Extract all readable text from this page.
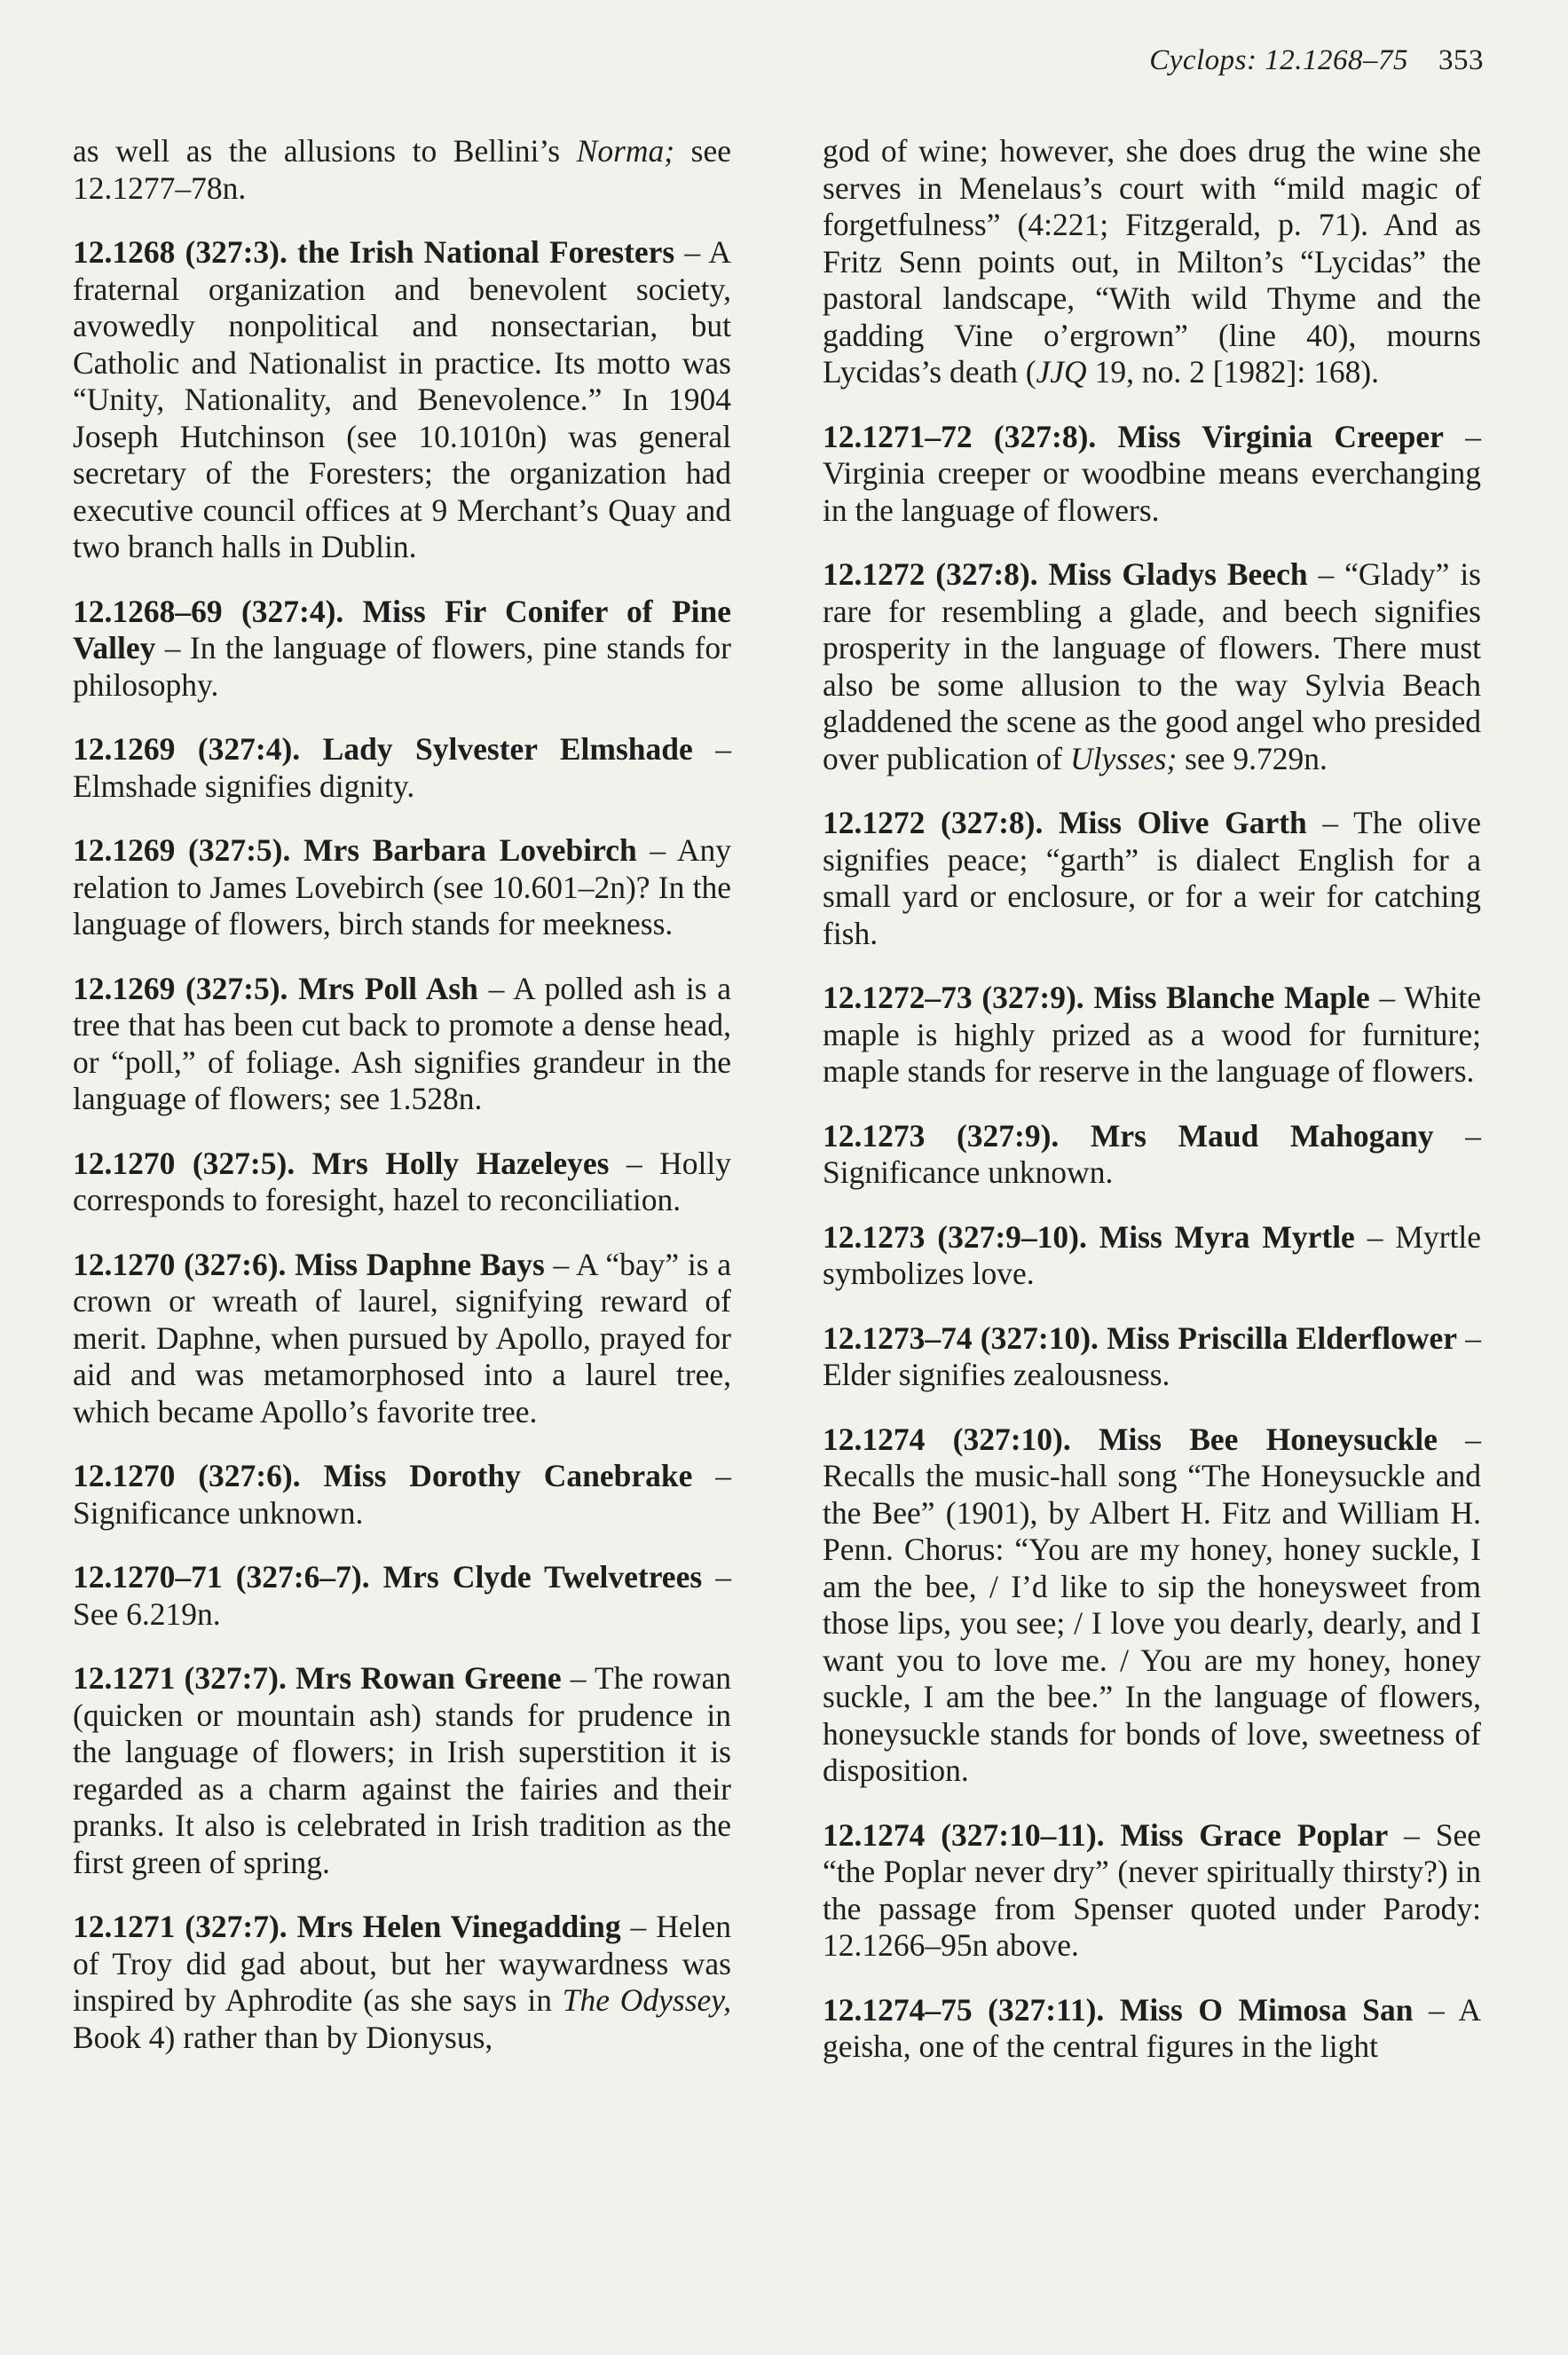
Cyclops: 12.1268–75 353

as well as the allusions to Bellini’s Norma; see 12.1277–78n.

12.1268 (327:3). the Irish National Foresters – A fraternal organization and benevolent society, avowedly nonpolitical and nonsectarian, but Catholic and Nationalist in practice. Its motto was “Unity, Nationality, and Benevolence.” In 1904 Joseph Hutchinson (see 10.1010n) was general secretary of the Foresters; the organization had executive council offices at 9 Merchant’s Quay and two branch halls in Dublin.

12.1268–69 (327:4). Miss Fir Conifer of Pine Valley – In the language of flowers, pine stands for philosophy.

12.1269 (327:4). Lady Sylvester Elmshade – Elmshade signifies dignity.

12.1269 (327:5). Mrs Barbara Lovebirch – Any relation to James Lovebirch (see 10.601–2n)? In the language of flowers, birch stands for meekness.

12.1269 (327:5). Mrs Poll Ash – A polled ash is a tree that has been cut back to promote a dense head, or “poll,” of foliage. Ash signifies grandeur in the language of flowers; see 1.528n.

12.1270 (327:5). Mrs Holly Hazeleyes – Holly corresponds to foresight, hazel to reconciliation.

12.1270 (327:6). Miss Daphne Bays – A “bay” is a crown or wreath of laurel, signifying reward of merit. Daphne, when pursued by Apollo, prayed for aid and was metamorphosed into a laurel tree, which became Apollo’s favorite tree.

12.1270 (327:6). Miss Dorothy Canebrake – Significance unknown.

12.1270–71 (327:6–7). Mrs Clyde Twelvetrees – See 6.219n.

12.1271 (327:7). Mrs Rowan Greene – The rowan (quicken or mountain ash) stands for prudence in the language of flowers; in Irish superstition it is regarded as a charm against the fairies and their pranks. It also is celebrated in Irish tradition as the first green of spring.

12.1271 (327:7). Mrs Helen Vinegadding – Helen of Troy did gad about, but her waywardness was inspired by Aphrodite (as she says in The Odyssey, Book 4) rather than by Dionysus,

god of wine; however, she does drug the wine she serves in Menelaus’s court with “mild magic of forgetfulness” (4:221; Fitzgerald, p. 71). And as Fritz Senn points out, in Milton’s “Lycidas” the pastoral landscape, “With wild Thyme and the gadding Vine o’ergrown” (line 40), mourns Lycidas’s death (JJQ 19, no. 2 [1982]: 168).

12.1271–72 (327:8). Miss Virginia Creeper – Virginia creeper or woodbine means everchanging in the language of flowers.

12.1272 (327:8). Miss Gladys Beech – “Glady” is rare for resembling a glade, and beech signifies prosperity in the language of flowers. There must also be some allusion to the way Sylvia Beach gladdened the scene as the good angel who presided over publication of Ulysses; see 9.729n.

12.1272 (327:8). Miss Olive Garth – The olive signifies peace; “garth” is dialect English for a small yard or enclosure, or for a weir for catching fish.

12.1272–73 (327:9). Miss Blanche Maple – White maple is highly prized as a wood for furniture; maple stands for reserve in the language of flowers.

12.1273 (327:9). Mrs Maud Mahogany – Significance unknown.

12.1273 (327:9–10). Miss Myra Myrtle – Myrtle symbolizes love.

12.1273–74 (327:10). Miss Priscilla Elderflower – Elder signifies zealousness.

12.1274 (327:10). Miss Bee Honeysuckle – Recalls the music-hall song “The Honeysuckle and the Bee” (1901), by Albert H. Fitz and William H. Penn. Chorus: “You are my honey, honey suckle, I am the bee, / I’d like to sip the honeysweet from those lips, you see; / I love you dearly, dearly, and I want you to love me. / You are my honey, honey suckle, I am the bee.” In the language of flowers, honeysuckle stands for bonds of love, sweetness of disposition.

12.1274 (327:10–11). Miss Grace Poplar – See “the Poplar never dry” (never spiritually thirsty?) in the passage from Spenser quoted under Parody: 12.1266–95n above.

12.1274–75 (327:11). Miss O Mimosa San – A geisha, one of the central figures in the light
